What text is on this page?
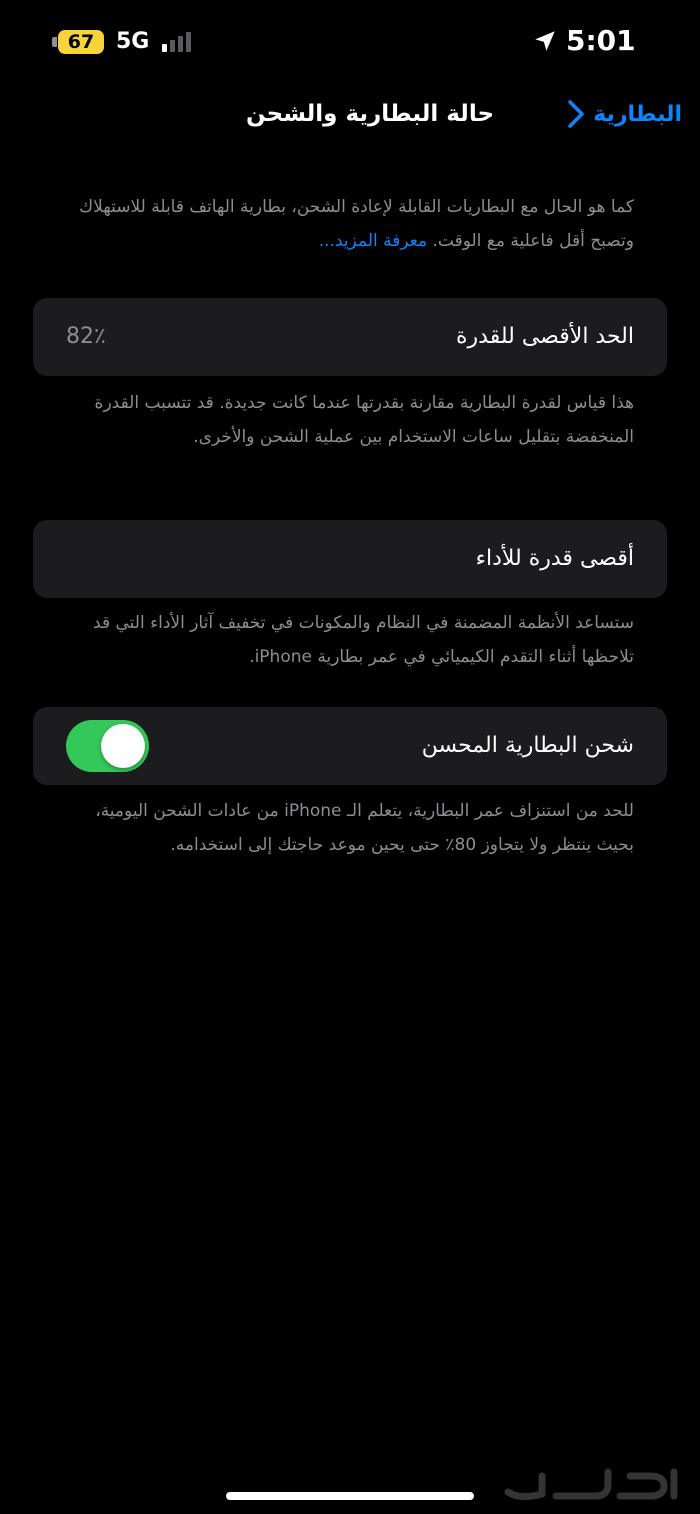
67 5G	5:01
البطارية
حالة البطارية والشحن
كما هو الحال مع البطاريات القابلة لإعادة الشحن، بطارية الهاتف قابلة للاستهلاك وتصبح أقل فاعلية مع الوقت. معرفة المزيد...
الحد الأقصى للقدرة
82٪
هذا قياس لقدرة البطارية مقارنة بقدرتها عندما كانت جديدة. قد تتسبب القدرة المنخفضة بتقليل ساعات الاستخدام بين عملية الشحن والأخرى.
أقصى قدرة للأداء
ستساعد الأنظمة المضمنة في النظام والمكونات في تخفيف آثار الأداء التي قد تلاحظها أثناء التقدم الكيميائي في عمر بطارية iPhone.
شحن البطارية المحسن
للحد من استنزاف عمر البطارية، يتعلم الـ iPhone من عادات الشحن اليومية، بحيث ينتظر ولا يتجاوز 80٪ حتى يحين موعد حاجتك إلى استخدامه.
